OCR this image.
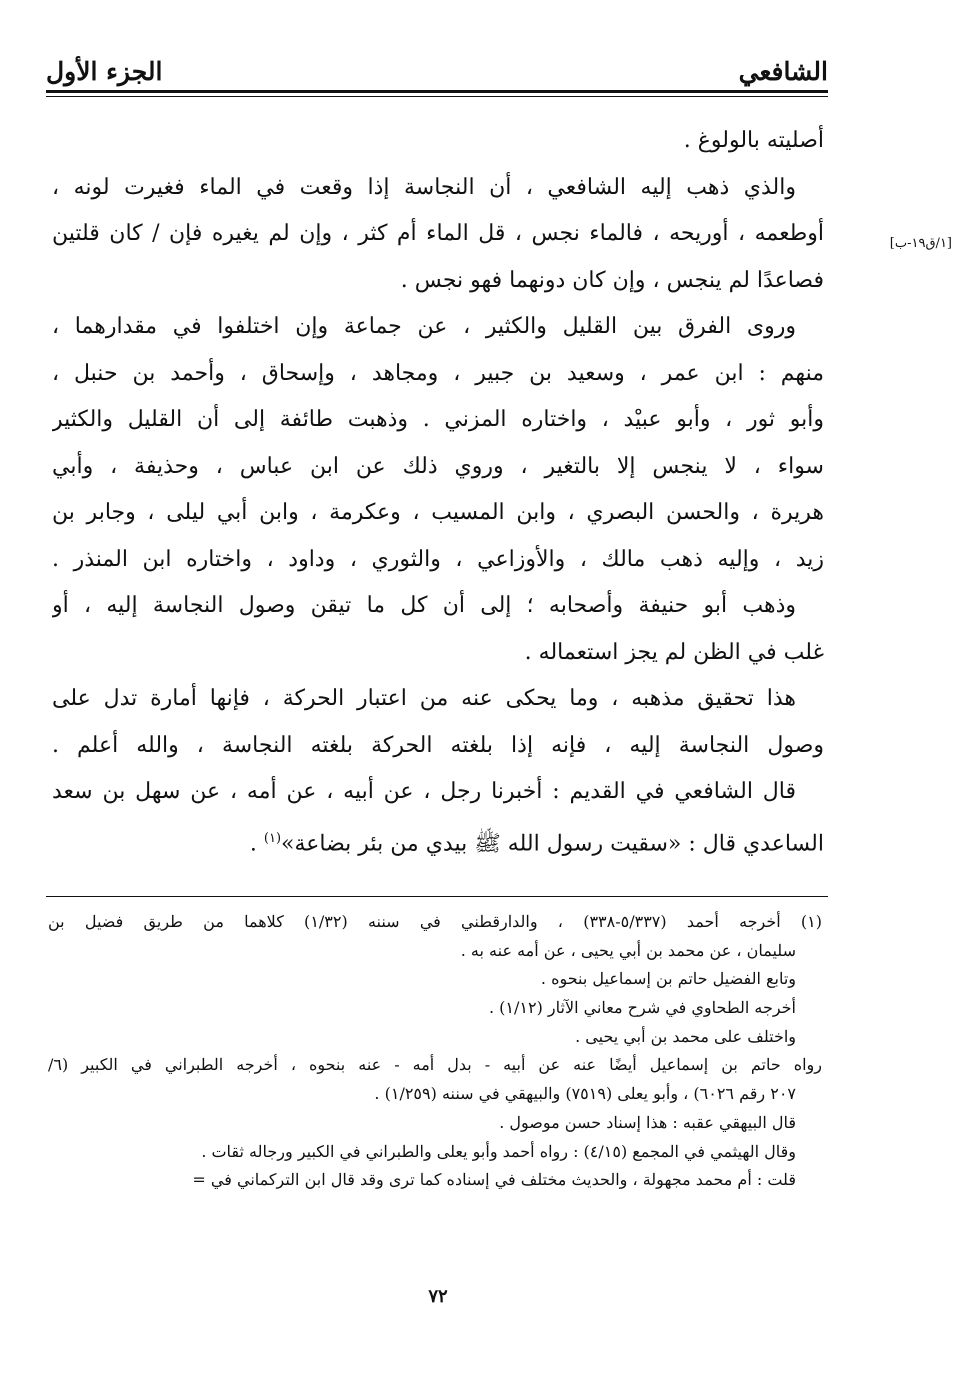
الشافعي
الجزء الأول
[١/ق١٩-ب]
أصليته بالولوغ .
والذي ذهب إليه الشافعي ، أن النجاسة إذا وقعت في الماء فغيرت لونه ،
أوطعمه ، أوريحه ، فالماء نجس ، قل الماء أم كثر ، وإن لم يغيره فإن / كان قلتين
فصاعدًا لم ينجس ، وإن كان دونهما فهو نجس .
وروى الفرق بين القليل والكثير ، عن جماعة وإن اختلفوا في مقدارهما ،
منهم : ابن عمر ، وسعيد بن جبير ، ومجاهد ، وإسحاق ، وأحمد بن حنبل ،
وأبو ثور ، وأبو عبيْد ، واختاره المزني . وذهبت طائفة إلى أن القليل والكثير
سواء ، لا ينجس إلا بالتغير ، وروي ذلك عن ابن عباس ، وحذيفة ، وأبي
هريرة ، والحسن البصري ، وابن المسيب ، وعكرمة ، وابن أبي ليلى ، وجابر بن
زيد ، وإليه ذهب مالك ، والأوزاعي ، والثوري ، وداود ، واختاره ابن المنذر .
وذهب أبو حنيفة وأصحابه ؛ إلى أن كل ما تيقن وصول النجاسة إليه ، أو
غلب في الظن لم يجز استعماله .
هذا تحقيق مذهبه ، وما يحكى عنه من اعتبار الحركة ، فإنها أمارة تدل على
وصول النجاسة إليه ، فإنه إذا بلغته الحركة بلغته النجاسة ، والله أعلم .
قال الشافعي في القديم : أخبرنا رجل ، عن أبيه ، عن أمه ، عن سهل بن سعد
الساعدي قال : «سقيت رسول الله ﷺ بيدي من بئر بضاعة»$^{(١)}$ .
(١) أخرجه أحمد (٥/٣٣٧-٣٣٨) ، والدارقطني في سننه (١/٣٢) كلاهما من طريق فضيل بن
سليمان ، عن محمد بن أبي يحيى ، عن أمه عنه به .
وتابع الفضيل حاتم بن إسماعيل بنحوه .
أخرجه الطحاوي في شرح معاني الآثار (١/١٢) .
واختلف على محمد بن أبي يحيى .
رواه حاتم بن إسماعيل أيضًا عنه عن أبيه - بدل أمه - عنه بنحوه ، أخرجه الطبراني في الكبير (٦/
٢٠٧ رقم ٦٠٢٦) ، وأبو يعلى (٧٥١٩) والبيهقي في سننه (١/٢٥٩) .
قال البيهقي عقبه : هذا إسناد حسن موصول .
وقال الهيثمي في المجمع (٤/١٥) : رواه أحمد وأبو يعلى والطبراني في الكبير ورجاله ثقات .
قلت : أم محمد مجهولة ، والحديث مختلف في إسناده كما ترى وقد قال ابن التركماني في =
٧٢
